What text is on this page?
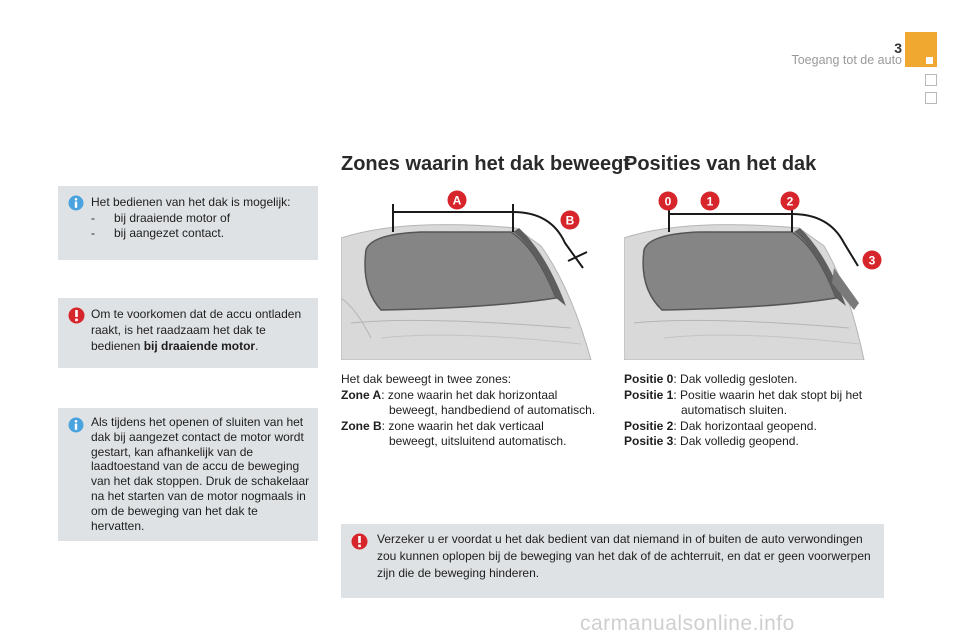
3
Toegang tot de auto
Het bedienen van het dak is mogelijk:
-	bij draaiende motor of
-	bij aangezet contact.
Om te voorkomen dat de accu ontladen raakt, is het raadzaam het dak te bedienen bij draaiende motor.
Als tijdens het openen of sluiten van het dak bij aangezet contact de motor wordt gestart, kan afhankelijk van de laadtoestand van de accu de beweging van het dak stoppen. Druk de schakelaar na het starten van de motor nogmaals in om de beweging van het dak te hervatten.
Zones waarin het dak beweegt
A
B
Het dak beweegt in twee zones:
Zone A: zone waarin het dak horizontaal
beweegt, handbediend of automatisch.
Zone B: zone waarin het dak verticaal
beweegt, uitsluitend automatisch.
Posities van het dak
0	1	2
3
Positie 0: Dak volledig gesloten.
Positie 1: Positie waarin het dak stopt bij het
automatisch sluiten.
Positie 2: Dak horizontaal geopend.
Positie 3: Dak volledig geopend.
Verzeker u er voordat u het dak bedient van dat niemand in of buiten de auto verwondingen zou kunnen oplopen bij de beweging van het dak of de achterruit, en dat er geen voorwerpen zijn die de beweging hinderen.
carmanualsonline.info
